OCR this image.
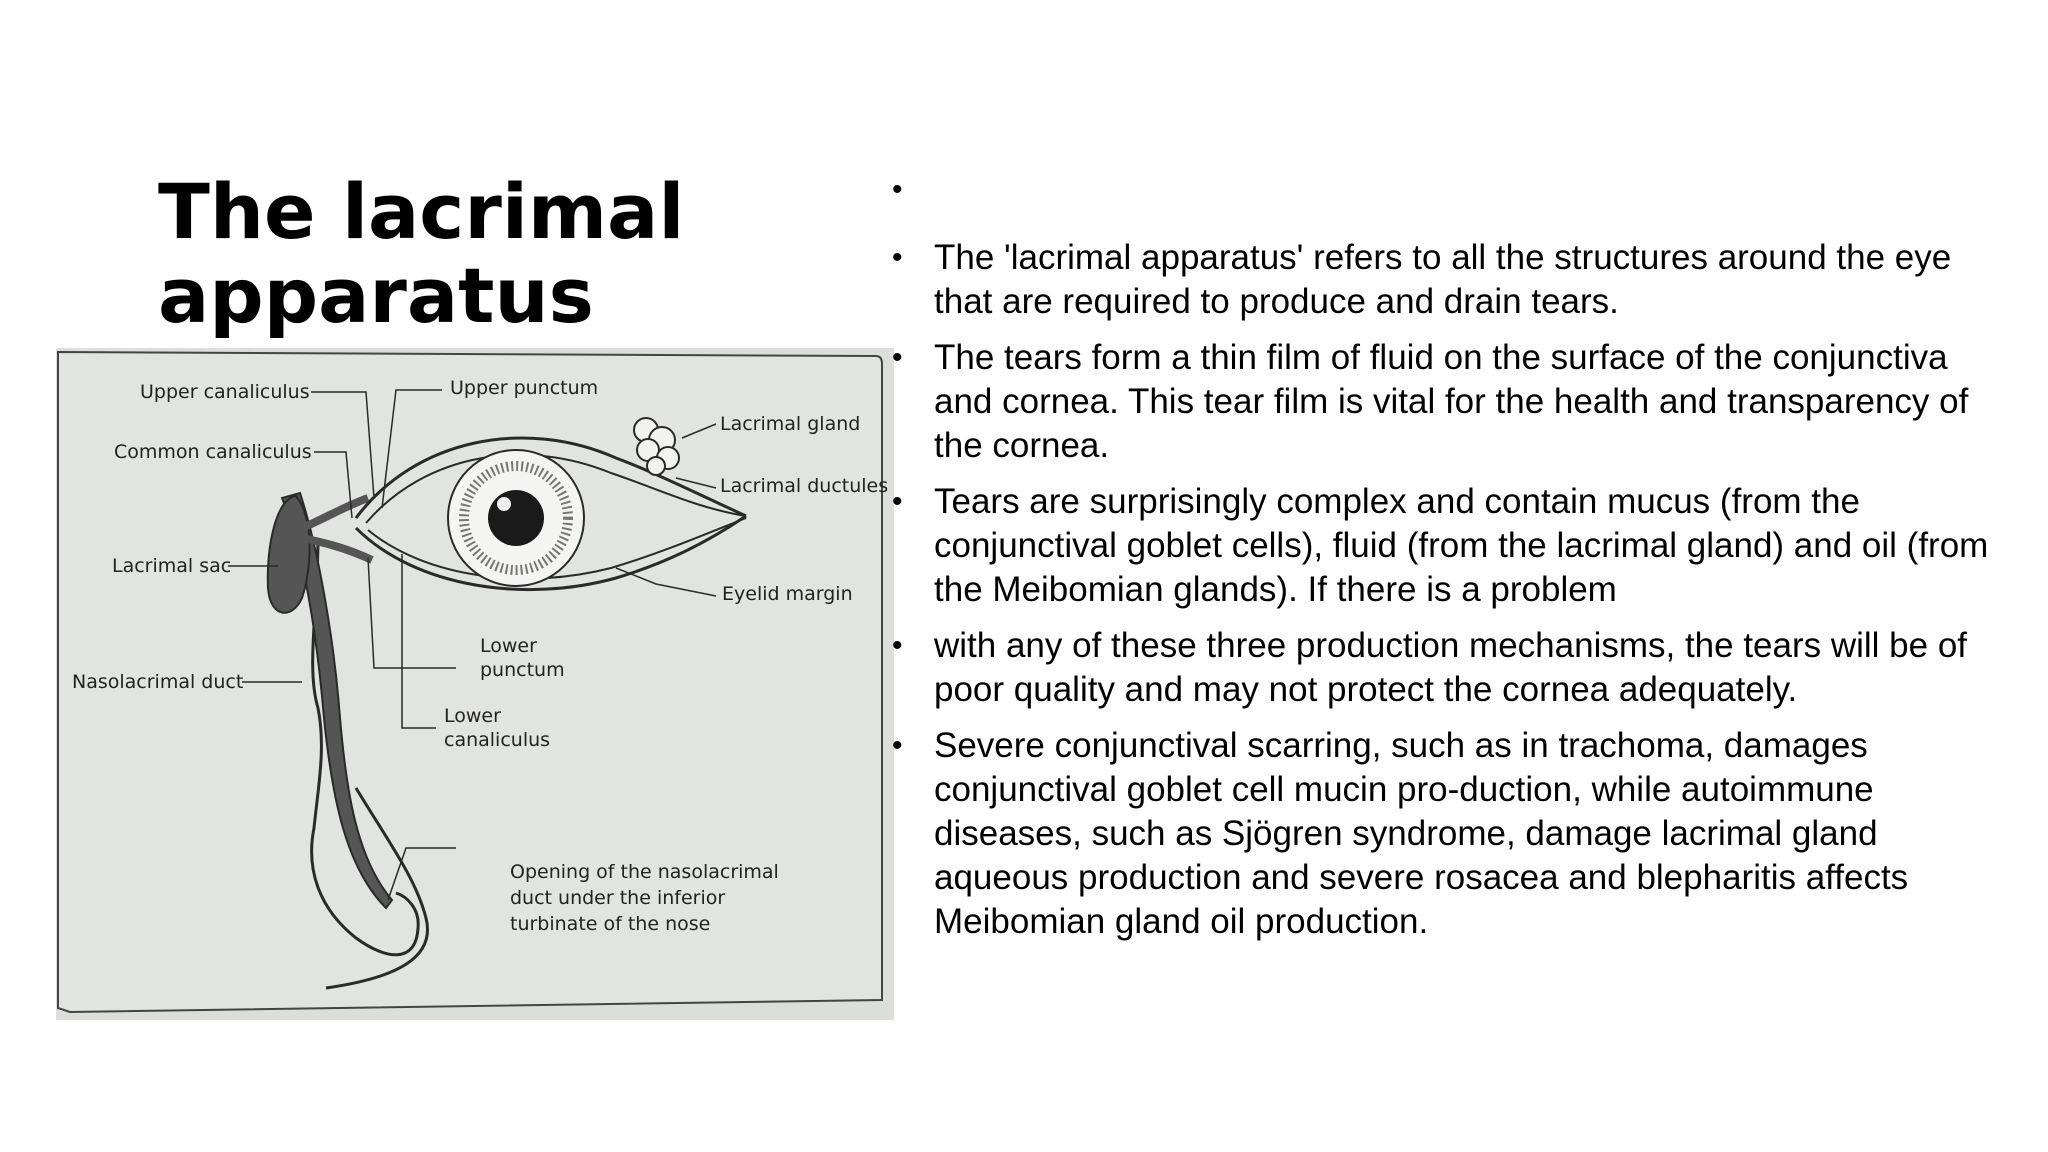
The lacrimal apparatus
Upper canaliculus	Upper punctum
Lacrimal gland
Common canaliculus
Lacrimal ductules
Lacrimal sac
Eyelid margin
Lower
punctum
Nasolacrimal duct
Lower
canaliculus
Opening of the nasolacrimal
duct under the inferior
turbinate of the nose
•
• The 'lacrimal apparatus' refers to all the structures around the eye that are required to produce and drain tears.
• The tears form a thin film of fluid on the surface of the conjunctiva and cornea. This tear film is vital for the health and transparency of the cornea.
• Tears are surprisingly complex and contain mucus (from the conjunctival goblet cells), fluid (from the lacrimal gland) and oil (from the Meibomian glands). If there is a problem
• with any of these three production mechanisms, the tears will be of poor quality and may not protect the cornea adequately.
• Severe conjunctival scarring, such as in trachoma, damages conjunctival goblet cell mucin pro-duction, while autoimmune diseases, such as Sjögren syndrome, damage lacrimal gland aqueous production and severe rosacea and blepharitis affects Meibomian gland oil production.
